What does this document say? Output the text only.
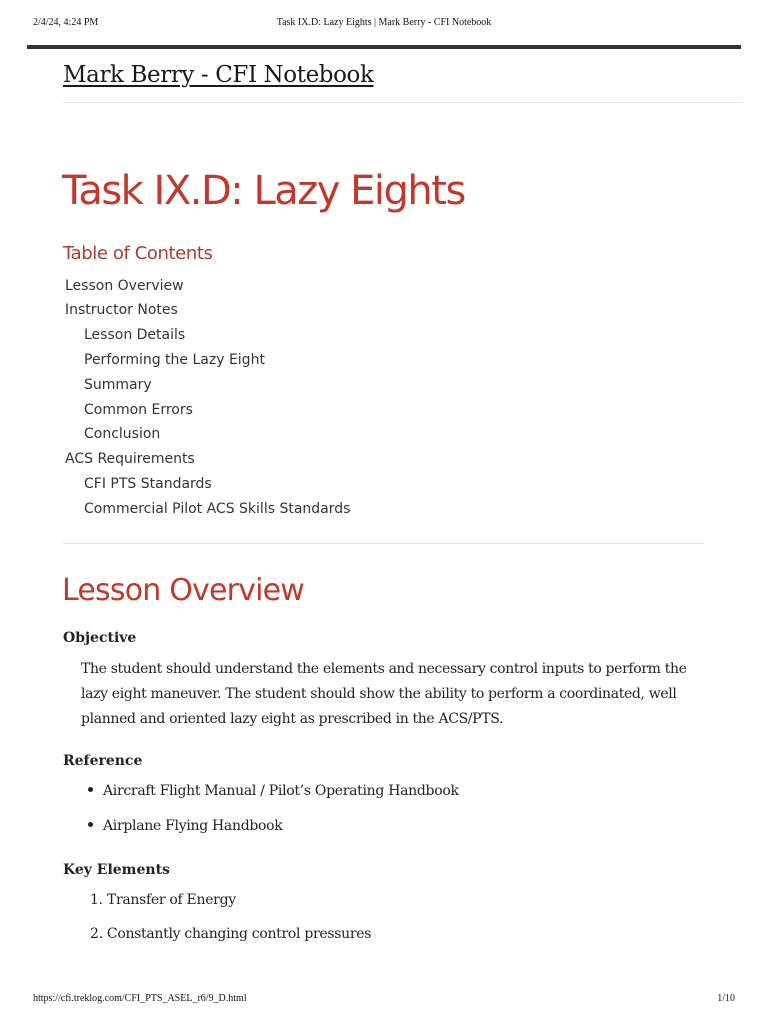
2/4/24, 4:24 PM	Task IX.D: Lazy Eights | Mark Berry - CFI Notebook
Mark Berry - CFI Notebook
Task IX.D: Lazy Eights
Table of Contents
Lesson Overview
Instructor Notes
Lesson Details
Performing the Lazy Eight
Summary
Common Errors
Conclusion
ACS Requirements
CFI PTS Standards
Commercial Pilot ACS Skills Standards
Lesson Overview
Objective

The student should understand the elements and necessary control inputs to perform the lazy eight maneuver. The student should show the ability to perform a coordinated, well planned and oriented lazy eight as prescribed in the ACS/PTS.

Reference
Aircraft Flight Manual / Pilot’s Operating Handbook
Airplane Flying Handbook
Key Elements
1. Transfer of Energy
2. Constantly changing control pressures
https://cfi.treklog.com/CFI_PTS_ASEL_r6/9_D.html	1/10
